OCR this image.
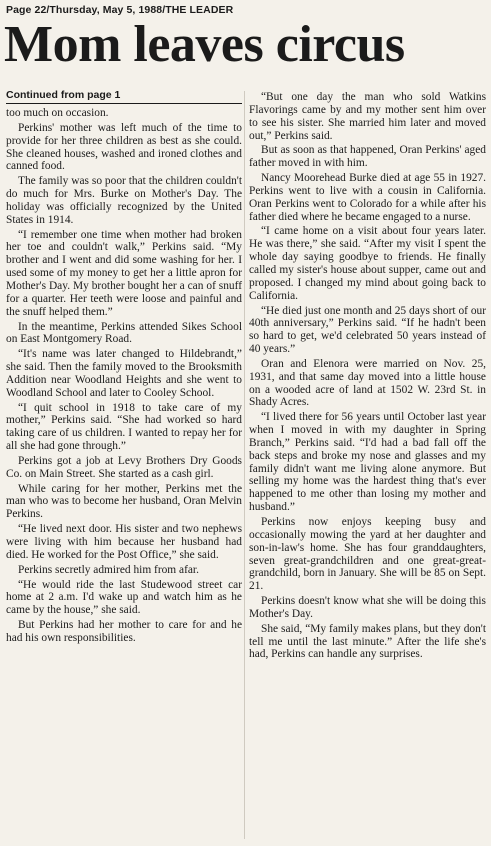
Page 22/Thursday, May 5, 1988/THE LEADER
Mom leaves circus
Continued from page 1

too much on occasion.

Perkins' mother was left much of the time to provide for her three children as best as she could. She cleaned houses, washed and ironed clothes and canned food.

The family was so poor that the children couldn't do much for Mrs. Burke on Mother's Day. The holiday was officially recognized by the United States in 1914.

“I remember one time when mother had broken her toe and couldn't walk,” Perkins said. “My brother and I went and did some washing for her. I used some of my money to get her a little apron for Mother's Day. My brother bought her a can of snuff for a quarter. Her teeth were loose and painful and the snuff helped them.”

In the meantime, Perkins attended Sikes School on East Montgomery Road.

“It's name was later changed to Hildebrandt,” she said. Then the family moved to the Brooksmith Addition near Woodland Heights and she went to Woodland School and later to Cooley School.

“I quit school in 1918 to take care of my mother,” Perkins said. “She had worked so hard taking care of us children. I wanted to repay her for all she had gone through.”

Perkins got a job at Levy Brothers Dry Goods Co. on Main Street. She started as a cash girl.

While caring for her mother, Perkins met the man who was to become her husband, Oran Melvin Perkins.

“He lived next door. His sister and two nephews were living with him because her husband had died. He worked for the Post Office,” she said.

Perkins secretly admired him from afar.

“He would ride the last Studewood street car home at 2 a.m. I'd wake up and watch him as he came by the house,” she said.

But Perkins had her mother to care for and he had his own responsibilities.

“But one day the man who sold Watkins Flavorings came by and my mother sent him over to see his sister. She married him later and moved out,” Perkins said.

But as soon as that happened, Oran Perkins' aged father moved in with him.

Nancy Moorehead Burke died at age 55 in 1927. Perkins went to live with a cousin in California. Oran Perkins went to Colorado for a while after his father died where he became engaged to a nurse.

“I came home on a visit about four years later. He was there,” she said. “After my visit I spent the whole day saying goodbye to friends. He finally called my sister's house about supper, came out and proposed. I changed my mind about going back to California.

“He died just one month and 25 days short of our 40th anniversary,” Perkins said. “If he hadn't been so hard to get, we'd celebrated 50 years instead of 40 years.”

Oran and Elenora were married on Nov. 25, 1931, and that same day moved into a little house on a wooded acre of land at 1502 W. 23rd St. in Shady Acres.

“I lived there for 56 years until October last year when I moved in with my daughter in Spring Branch,” Perkins said. “I'd had a bad fall off the back steps and broke my nose and glasses and my family didn't want me living alone anymore. But selling my home was the hardest thing that's ever happened to me other than losing my mother and husband.”

Perkins now enjoys keeping busy and occasionally mowing the yard at her daughter and son-in-law's home. She has four granddaughters, seven great-grandchildren and one great-great-grandchild, born in January. She will be 85 on Sept. 21.

Perkins doesn't know what she will be doing this Mother's Day.

She said, “My family makes plans, but they don't tell me until the last minute.” After the life she's had, Perkins can handle any surprises.
